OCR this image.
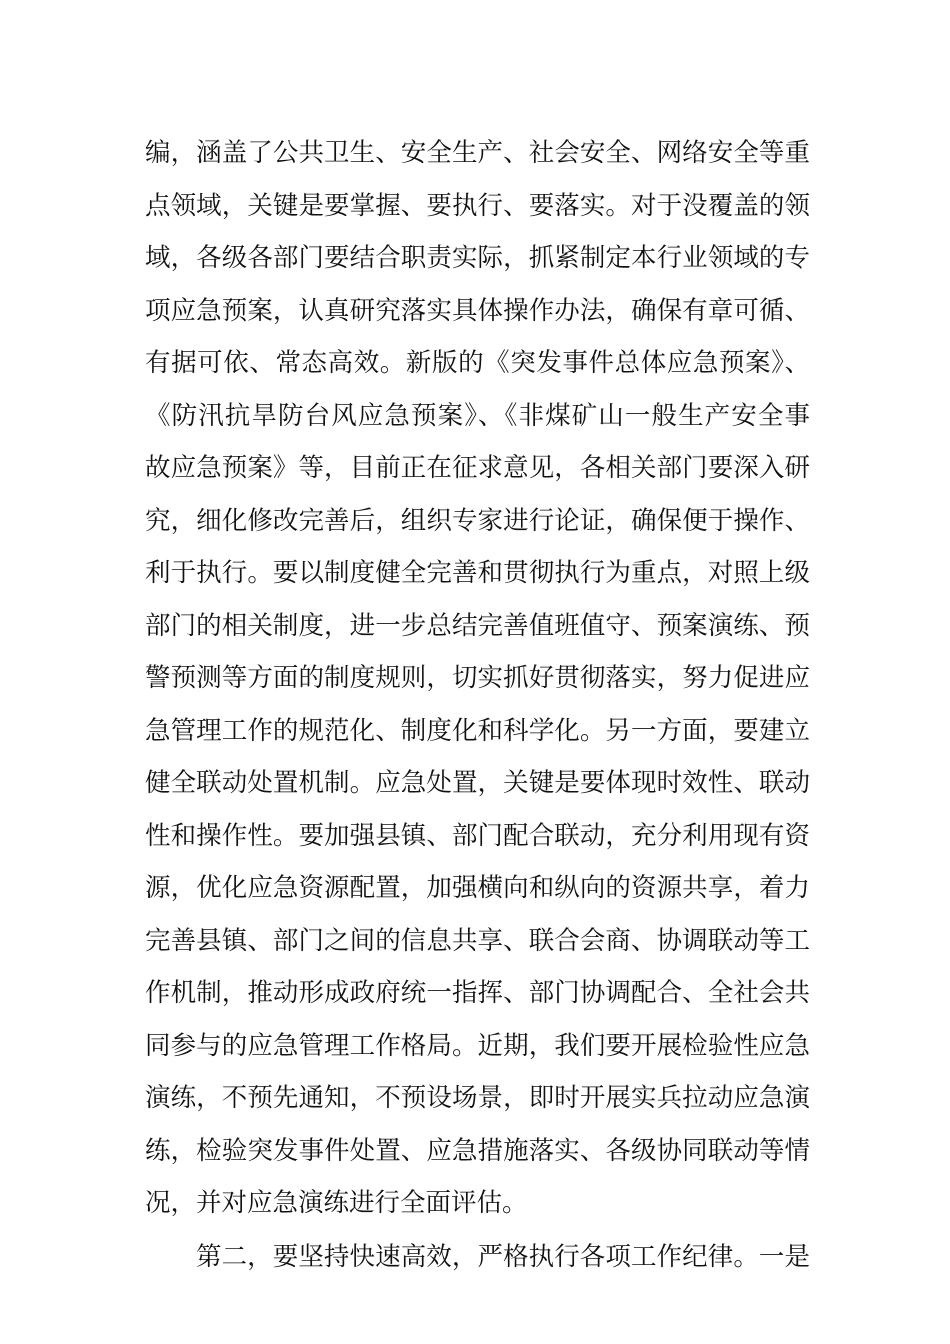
编，涵盖了公共卫生、安全生产、社会安全、网络安全等重
点领域，关键是要掌握、要执行、要落实。对于没覆盖的领
域，各级各部门要结合职责实际，抓紧制定本行业领域的专
项应急预案，认真研究落实具体操作办法，确保有章可循、
有据可依、常态高效。新版的《突发事件总体应急预案》、
《防汛抗旱防台风应急预案》、《非煤矿山一般生产安全事
故应急预案》等，目前正在征求意见，各相关部门要深入研
究，细化修改完善后，组织专家进行论证，确保便于操作、
利于执行。要以制度健全完善和贯彻执行为重点，对照上级
部门的相关制度，进一步总结完善值班值守、预案演练、预
警预测等方面的制度规则，切实抓好贯彻落实，努力促进应
急管理工作的规范化、制度化和科学化。另一方面，要建立
健全联动处置机制。应急处置，关键是要体现时效性、联动
性和操作性。要加强县镇、部门配合联动，充分利用现有资
源，优化应急资源配置，加强横向和纵向的资源共享，着力
完善县镇、部门之间的信息共享、联合会商、协调联动等工
作机制，推动形成政府统一指挥、部门协调配合、全社会共
同参与的应急管理工作格局。近期，我们要开展检验性应急
演练，不预先通知，不预设场景，即时开展实兵拉动应急演
练，检验突发事件处置、应急措施落实、各级协同联动等情
况，并对应急演练进行全面评估。
第二，要坚持快速高效，严格执行各项工作纪律。一是
